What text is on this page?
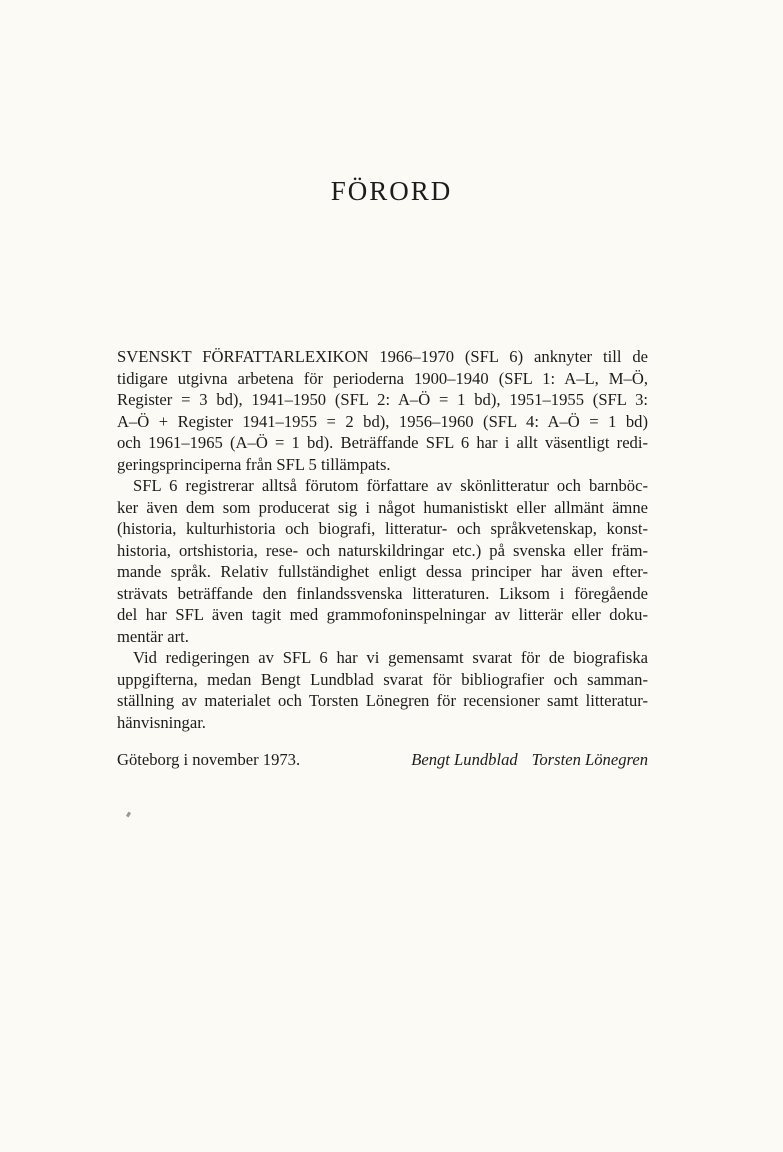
FÖRORD
SVENSKT FÖRFATTARLEXIKON 1966–1970 (SFL 6) anknyter till de
tidigare utgivna arbetena för perioderna 1900–1940 (SFL 1: A–L, M–Ö,
Register = 3 bd), 1941–1950 (SFL 2: A–Ö = 1 bd), 1951–1955 (SFL 3:
A–Ö + Register 1941–1955 = 2 bd), 1956–1960 (SFL 4: A–Ö = 1 bd)
och 1961–1965 (A–Ö = 1 bd). Beträffande SFL 6 har i allt väsentligt redi-
geringsprinciperna från SFL 5 tillämpats.
SFL 6 registrerar alltså förutom författare av skönlitteratur och barnböc-
ker även dem som producerat sig i något humanistiskt eller allmänt ämne
(historia, kulturhistoria och biografi, litteratur- och språkvetenskap, konst-
historia, ortshistoria, rese- och naturskildringar etc.) på svenska eller främ-
mande språk. Relativ fullständighet enligt dessa principer har även efter-
strävats beträffande den finlandssvenska litteraturen. Liksom i föregående
del har SFL även tagit med grammofoninspelningar av litterär eller doku-
mentär art.
Vid redigeringen av SFL 6 har vi gemensamt svarat för de biografiska
uppgifterna, medan Bengt Lundblad svarat för bibliografier och samman-
ställning av materialet och Torsten Lönegren för recensioner samt litteratur-
hänvisningar.
Göteborg i november 1973.	Bengt Lundblad Torsten Lönegren
